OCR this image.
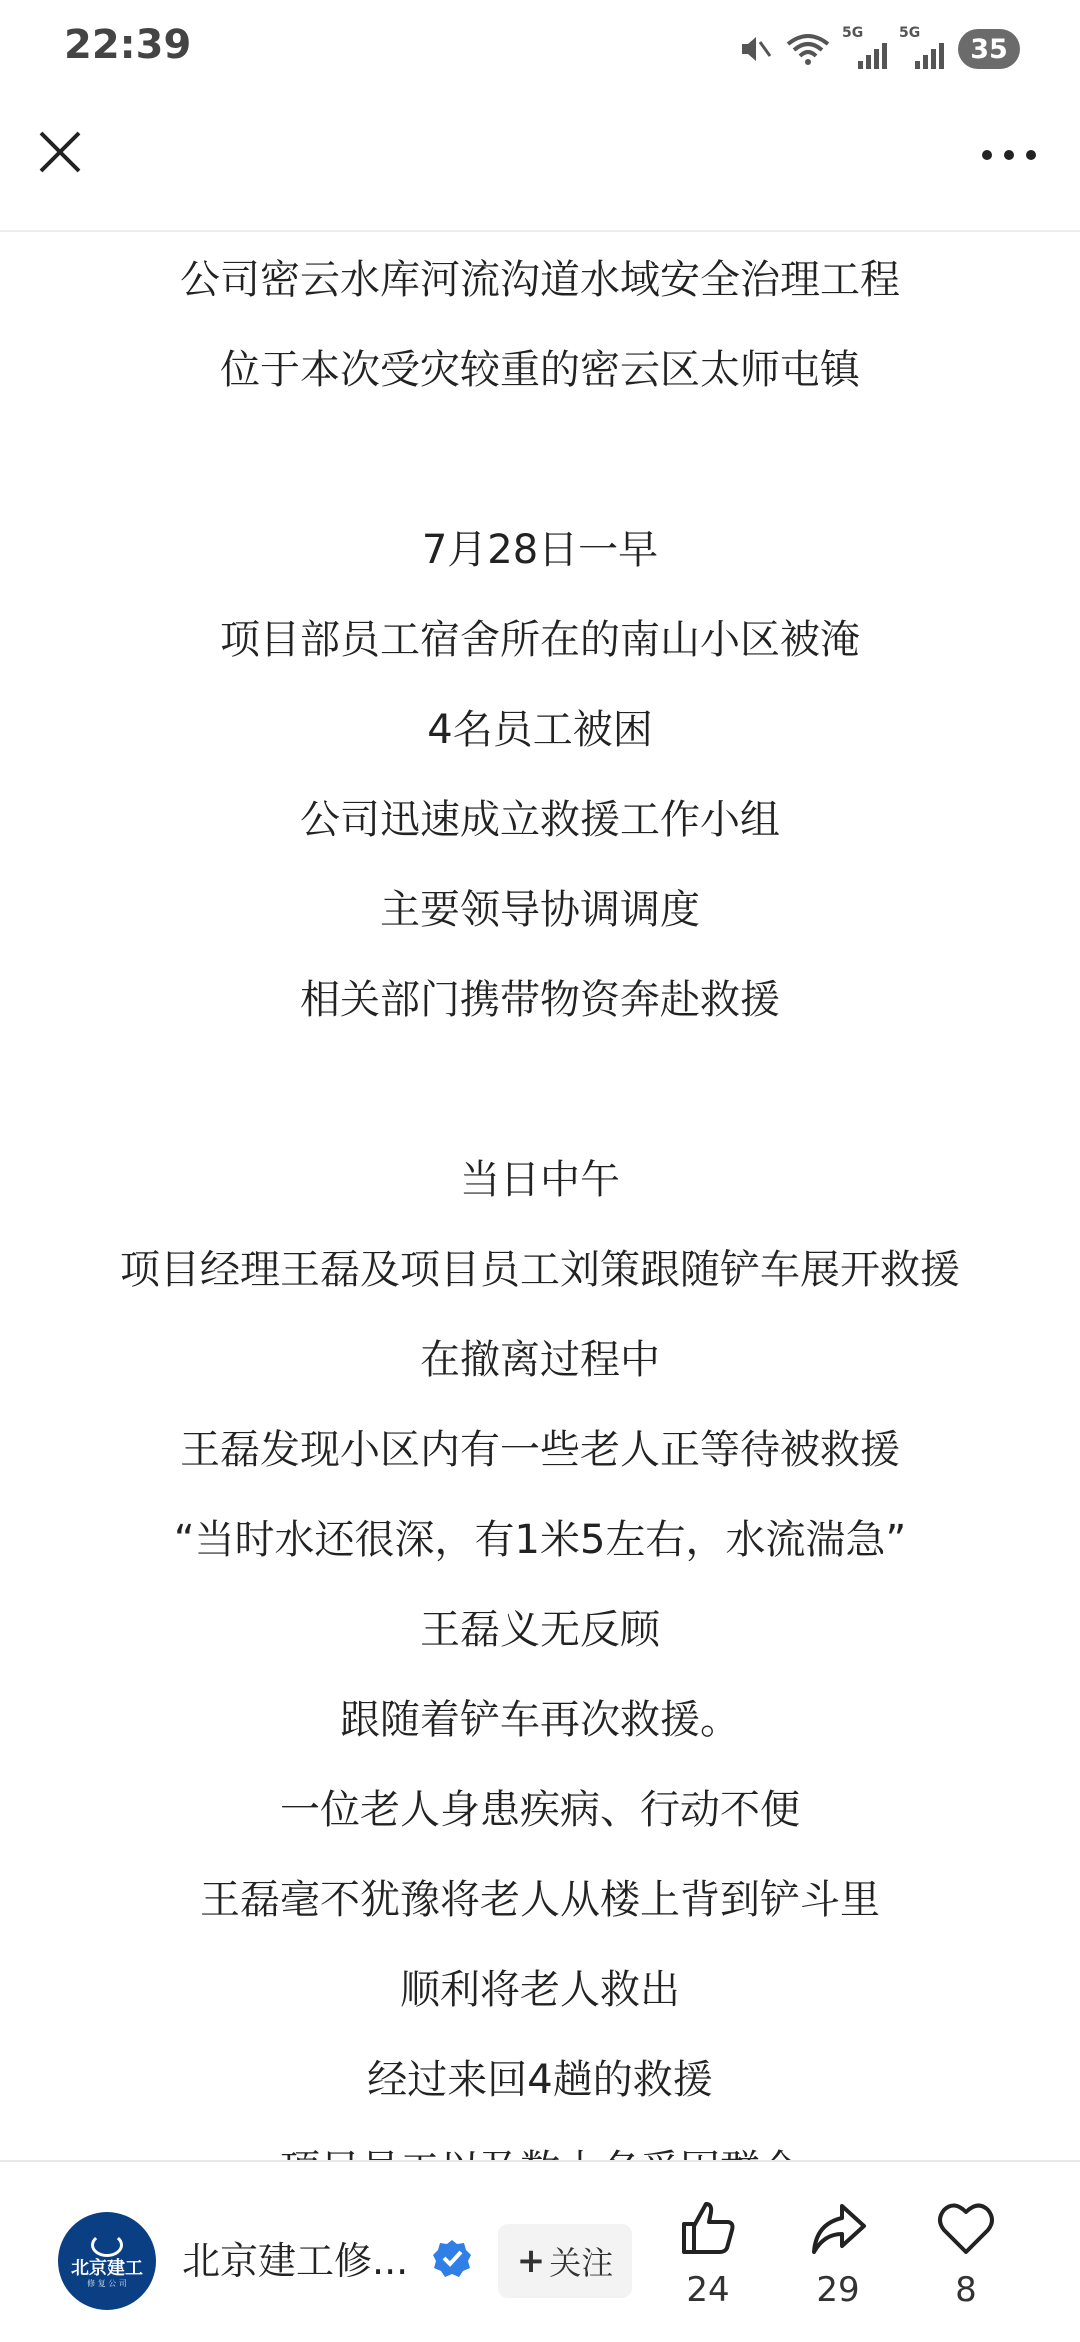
22:39	5G	5G
35
公司密云水库河流沟道水域安全治理工程
位于本次受灾较重的密云区太师屯镇
7月28日一早
项目部员工宿舍所在的南山小区被淹
4名员工被困
公司迅速成立救援工作小组
主要领导协调调度
相关部门携带物资奔赴救援
当日中午
项目经理王磊及项目员工刘策跟随铲车展开救援
在撤离过程中
王磊发现小区内有一些老人正等待被救援
“当时水还很深，有1米5左右，水流湍急”
王磊义无反顾
跟随着铲车再次救援。
一位老人身患疾病、行动不便
王磊毫不犹豫将老人从楼上背到铲斗里
顺利将老人救出
经过来回4趟的救援
北京建工
修 复 公 司
北京建工修...	+ 关注
24	29	8
